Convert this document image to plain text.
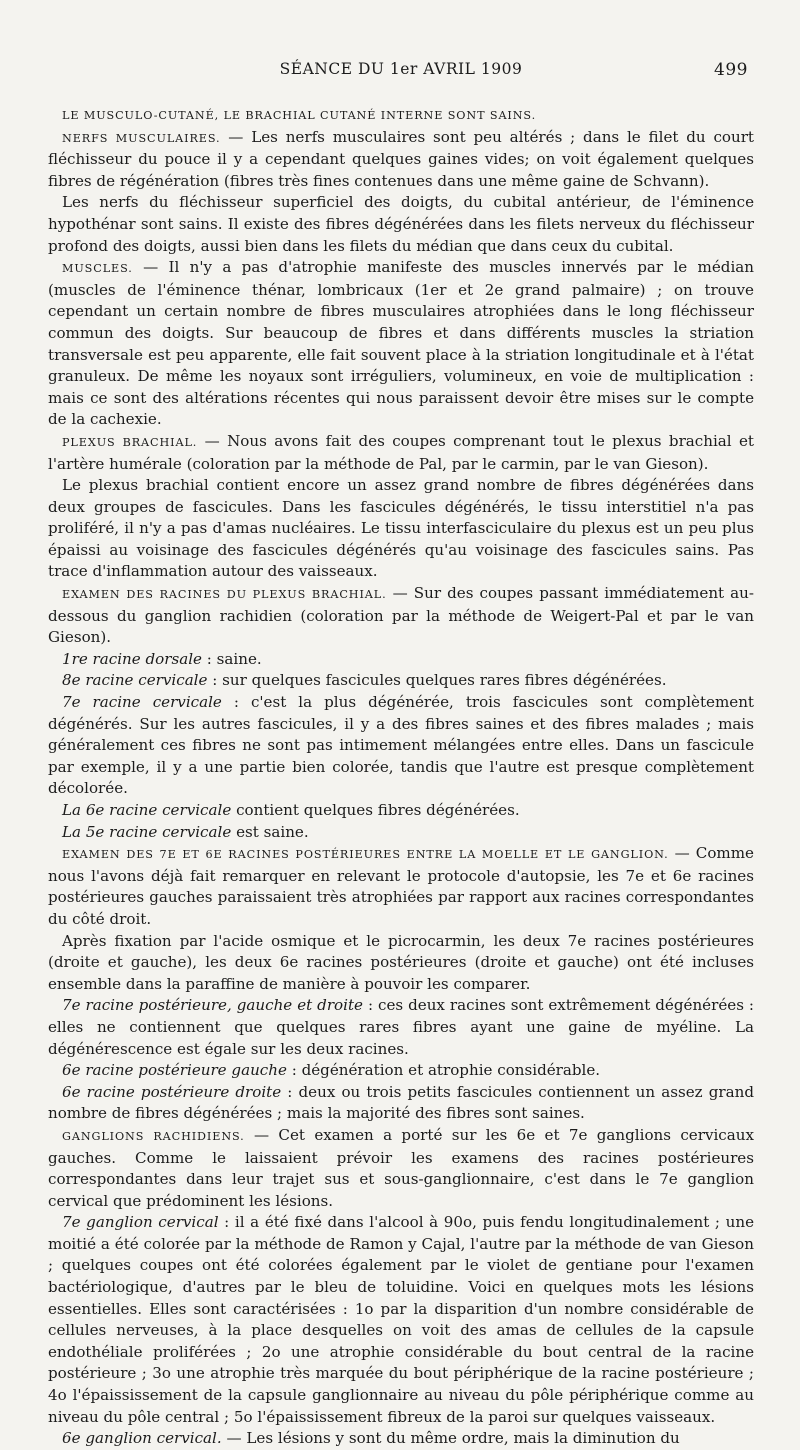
SÉANCE DU 1er AVRIL 1909	499

LE MUSCULO-CUTANÉ, LE BRACHIAL CUTANÉ INTERNE SONT SAINS.

NERFS MUSCULAIRES. — Les nerfs musculaires sont peu altérés ; dans le filet du court fléchisseur du pouce il y a cependant quelques gaines vides; on voit également quelques fibres de régénération (fibres très fines contenues dans une même gaine de Schvann).

Les nerfs du fléchisseur superficiel des doigts, du cubital antérieur, de l'éminence hypothénar sont sains. Il existe des fibres dégénérées dans les filets nerveux du fléchisseur profond des doigts, aussi bien dans les filets du médian que dans ceux du cubital.

MUSCLES. — Il n'y a pas d'atrophie manifeste des muscles innervés par le médian (muscles de l'éminence thénar, lombricaux (1er et 2e grand palmaire) ; on trouve cependant un certain nombre de fibres musculaires atrophiées dans le long fléchisseur commun des doigts. Sur beaucoup de fibres et dans différents muscles la striation transversale est peu apparente, elle fait souvent place à la striation longitudinale et à l'état granuleux. De même les noyaux sont irréguliers, volumineux, en voie de multiplication : mais ce sont des altérations récentes qui nous paraissent devoir être mises sur le compte de la cachexie.

PLEXUS BRACHIAL. — Nous avons fait des coupes comprenant tout le plexus brachial et l'artère humérale (coloration par la méthode de Pal, par le carmin, par le van Gieson).

Le plexus brachial contient encore un assez grand nombre de fibres dégénérées dans deux groupes de fascicules. Dans les fascicules dégénérés, le tissu interstitiel n'a pas proliféré, il n'y a pas d'amas nucléaires. Le tissu interfasciculaire du plexus est un peu plus épaissi au voisinage des fascicules dégénérés qu'au voisinage des fascicules sains. Pas trace d'inflammation autour des vaisseaux.

EXAMEN DES RACINES DU PLEXUS BRACHIAL. — Sur des coupes passant immédiatement au-dessous du ganglion rachidien (coloration par la méthode de Weigert-Pal et par le van Gieson).

1re racine dorsale : saine.

8e racine cervicale : sur quelques fascicules quelques rares fibres dégénérées.

7e racine cervicale : c'est la plus dégénérée, trois fascicules sont complètement dégénérés. Sur les autres fascicules, il y a des fibres saines et des fibres malades ; mais généralement ces fibres ne sont pas intimement mélangées entre elles. Dans un fascicule par exemple, il y a une partie bien colorée, tandis que l'autre est presque complètement décolorée.

La 6e racine cervicale contient quelques fibres dégénérées.

La 5e racine cervicale est saine.

EXAMEN DES 7E ET 6E RACINES POSTÉRIEURES ENTRE LA MOELLE ET LE GANGLION. — Comme nous l'avons déjà fait remarquer en relevant le protocole d'autopsie, les 7e et 6e racines postérieures gauches paraissaient très atrophiées par rapport aux racines correspondantes du côté droit.

Après fixation par l'acide osmique et le picrocarmin, les deux 7e racines postérieures (droite et gauche), les deux 6e racines postérieures (droite et gauche) ont été incluses ensemble dans la paraffine de manière à pouvoir les comparer.

7e racine postérieure, gauche et droite : ces deux racines sont extrêmement dégénérées : elles ne contiennent que quelques rares fibres ayant une gaine de myéline. La dégénérescence est égale sur les deux racines.

6e racine postérieure gauche : dégénération et atrophie considérable.

6e racine postérieure droite : deux ou trois petits fascicules contiennent un assez grand nombre de fibres dégénérées ; mais la majorité des fibres sont saines.

GANGLIONS RACHIDIENS. — Cet examen a porté sur les 6e et 7e ganglions cervicaux gauches. Comme le laissaient prévoir les examens des racines postérieures correspondantes dans leur trajet sus et sous-ganglionnaire, c'est dans le 7e ganglion cervical que prédominent les lésions.

7e ganglion cervical : il a été fixé dans l'alcool à 90o, puis fendu longitudinalement ; une moitié a été colorée par la méthode de Ramon y Cajal, l'autre par la méthode de van Gieson ; quelques coupes ont été colorées également par le violet de gentiane pour l'examen bactériologique, d'autres par le bleu de toluidine. Voici en quelques mots les lésions essentielles. Elles sont caractérisées : 1o par la disparition d'un nombre considérable de cellules nerveuses, à la place desquelles on voit des amas de cellules de la capsule endothéliale proliférées ; 2o une atrophie considérable du bout central de la racine postérieure ; 3o une atrophie très marquée du bout périphérique de la racine postérieure ; 4o l'épaississement de la capsule ganglionnaire au niveau du pôle périphérique comme au niveau du pôle central ; 5o l'épaississement fibreux de la paroi sur quelques vaisseaux.

6e ganglion cervical. — Les lésions y sont du même ordre, mais la diminution du
